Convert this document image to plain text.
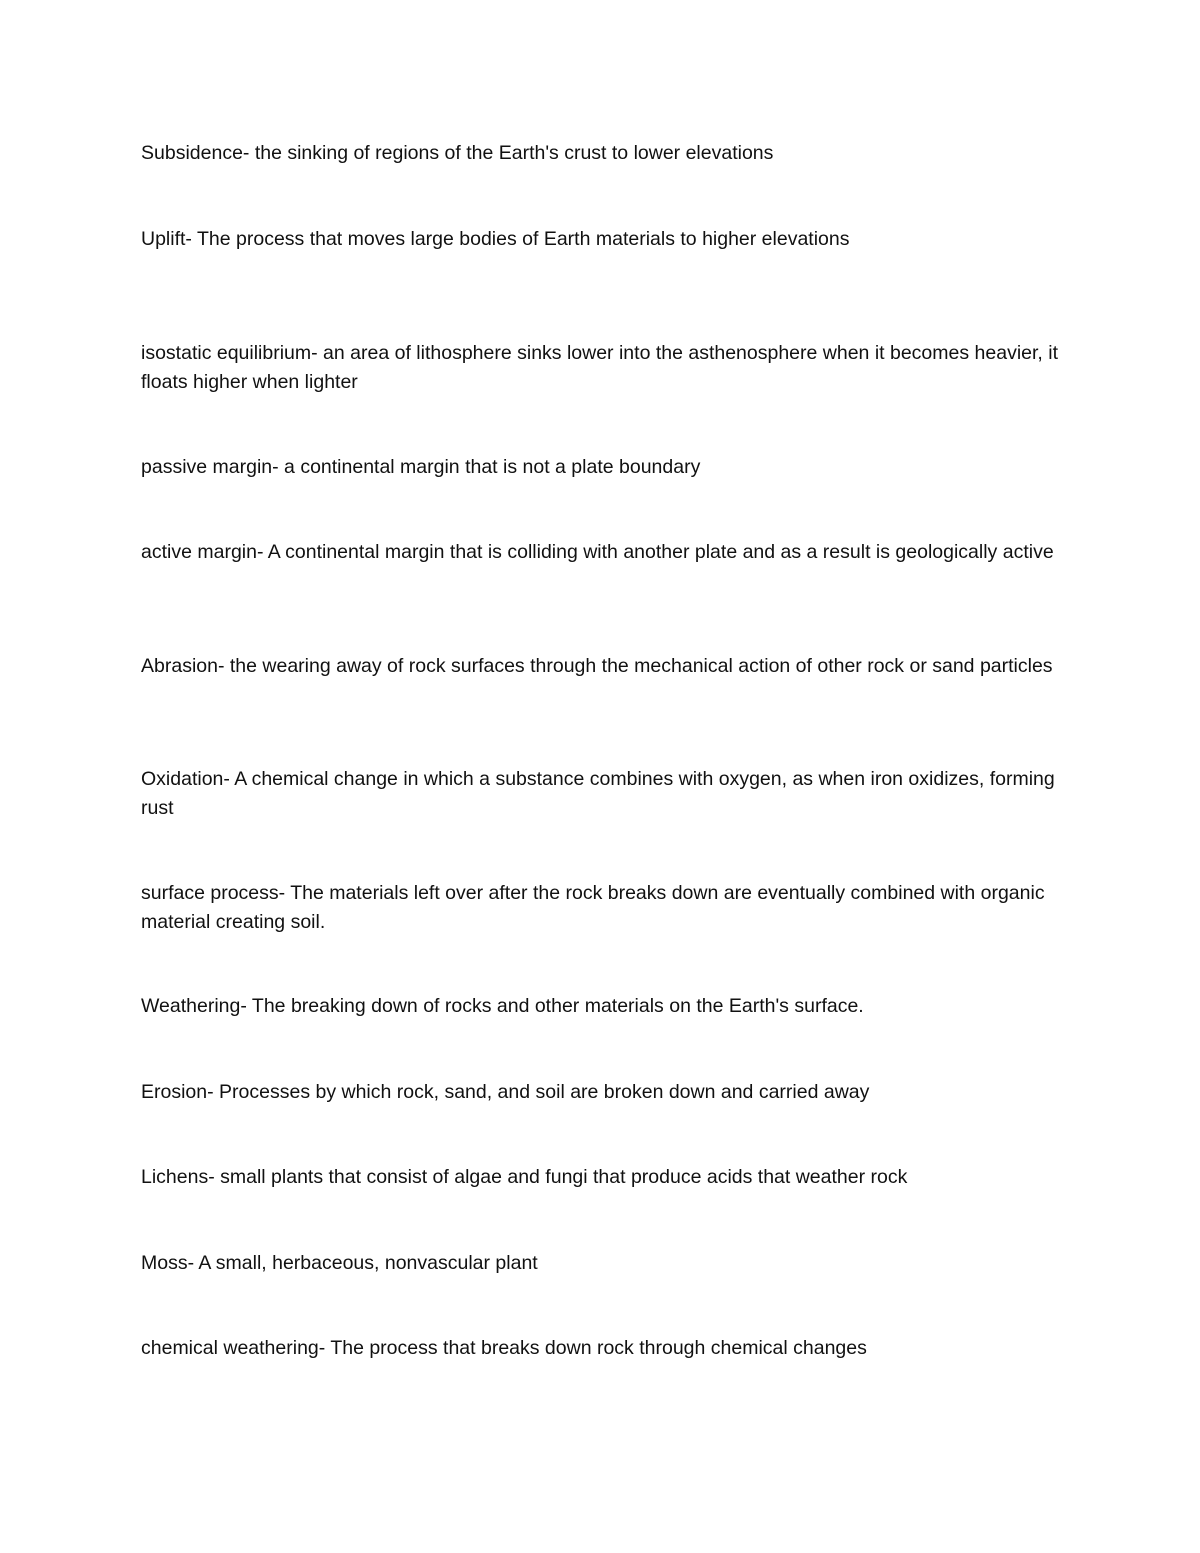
Subsidence- the sinking of regions of the Earth's crust to lower elevations

Uplift- The process that moves large bodies of Earth materials to higher elevations

isostatic equilibrium- an area of lithosphere sinks lower into the asthenosphere when it becomes heavier, it floats higher when lighter

passive margin- a continental margin that is not a plate boundary

active margin- A continental margin that is colliding with another plate and as a result is geologically active

Abrasion- the wearing away of rock surfaces through the mechanical action of other rock or sand particles

Oxidation- A chemical change in which a substance combines with oxygen, as when iron oxidizes, forming rust

surface process- The materials left over after the rock breaks down are eventually combined with organic material creating soil.

Weathering- The breaking down of rocks and other materials on the Earth's surface.

Erosion- Processes by which rock, sand, and soil are broken down and carried away

Lichens- small plants that consist of algae and fungi that produce acids that weather rock

Moss- A small, herbaceous, nonvascular plant

chemical weathering- The process that breaks down rock through chemical changes
